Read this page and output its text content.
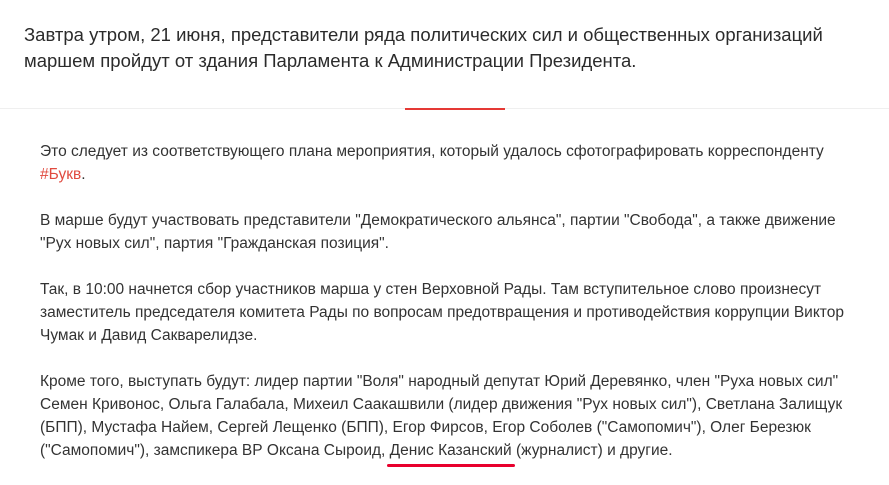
Завтра утром, 21 июня, представители ряда политических сил и общественных организаций маршем пройдут от здания Парламента к Администрации Президента.

Это следует из соответствующего плана мероприятия, который удалось сфотографировать корреспонденту #Букв.

В марше будут участвовать представители "Демократического альянса", партии "Свобода", а также движение "Рух новых сил", партия "Гражданская позиция".

Так, в 10:00 начнется сбор участников марша у стен Верховной Рады. Там вступительное слово произнесут заместитель председателя комитета Рады по вопросам предотвращения и противодействия коррупции Виктор Чумак и Давид Сакварелидзе.

Кроме того, выступать будут: лидер партии "Воля" народный депутат Юрий Деревянко, член "Руха новых сил" Семен Кривонос, Ольга Галабала, Михеил Саакашвили (лидер движения "Рух новых сил"), Светлана Залищук (БПП), Мустафа Найем, Сергей Лещенко (БПП), Егор Фирсов, Егор Соболев ("Самопомич"), Олег Березюк ("Самопомич"), замспикера ВР Оксана Сыроид, Денис Казанский
(журналист) и другие.
